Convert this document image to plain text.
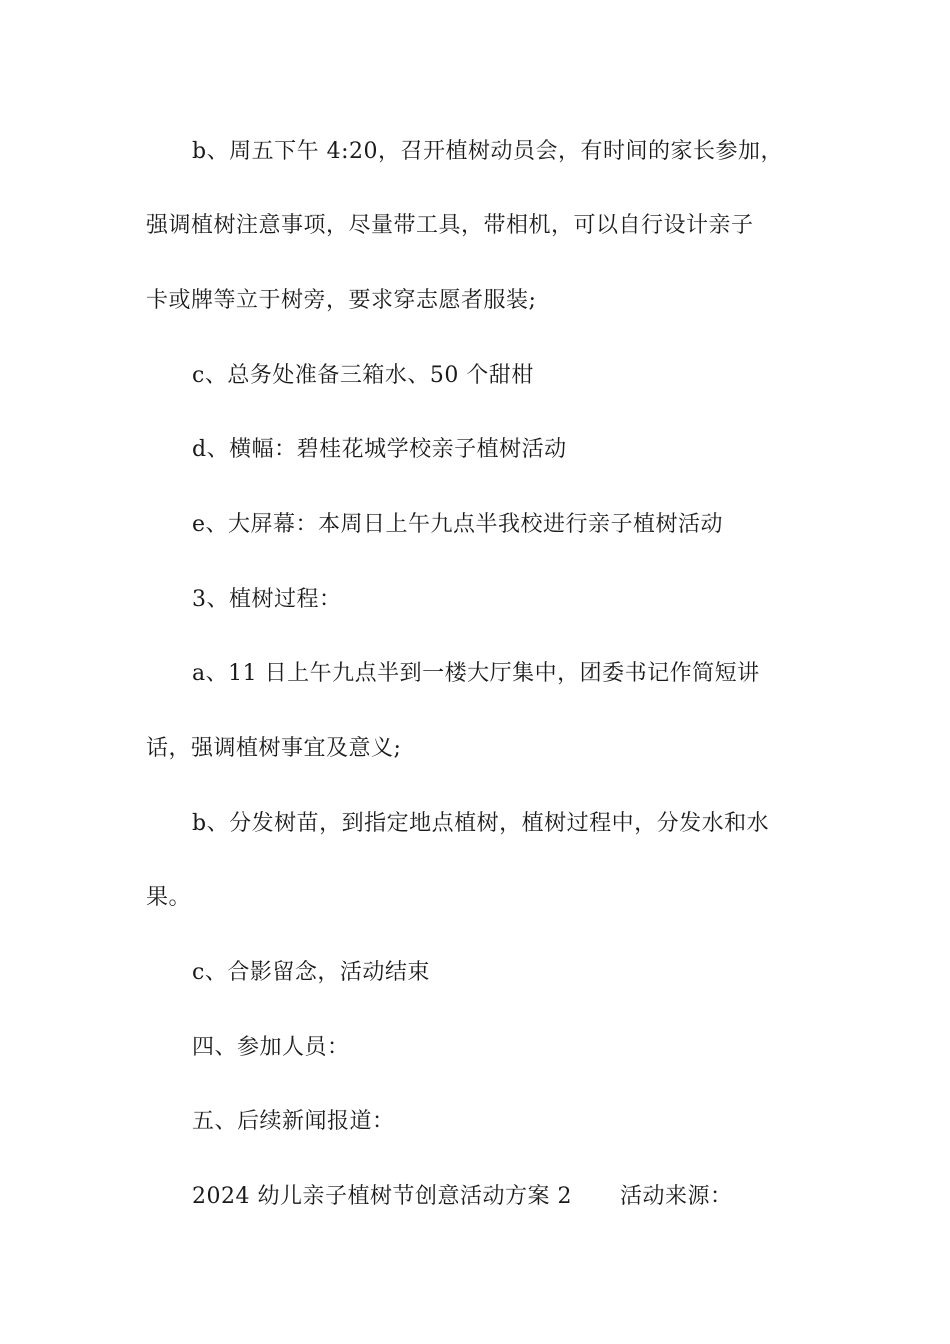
b、周五下午 4:20，召开植树动员会，有时间的家长参加，
强调植树注意事项，尽量带工具，带相机，可以自行设计亲子
卡或牌等立于树旁，要求穿志愿者服装;
c、总务处准备三箱水、50 个甜柑
d、横幅：碧桂花城学校亲子植树活动
e、大屏幕：本周日上午九点半我校进行亲子植树活动
3、植树过程：
a、11 日上午九点半到一楼大厅集中，团委书记作简短讲
话，强调植树事宜及意义;
b、分发树苗，到指定地点植树，植树过程中，分发水和水
果。
c、合影留念，活动结束
四、参加人员：
五、后续新闻报道：
2024 幼儿亲子植树节创意活动方案 2 活动来源：
